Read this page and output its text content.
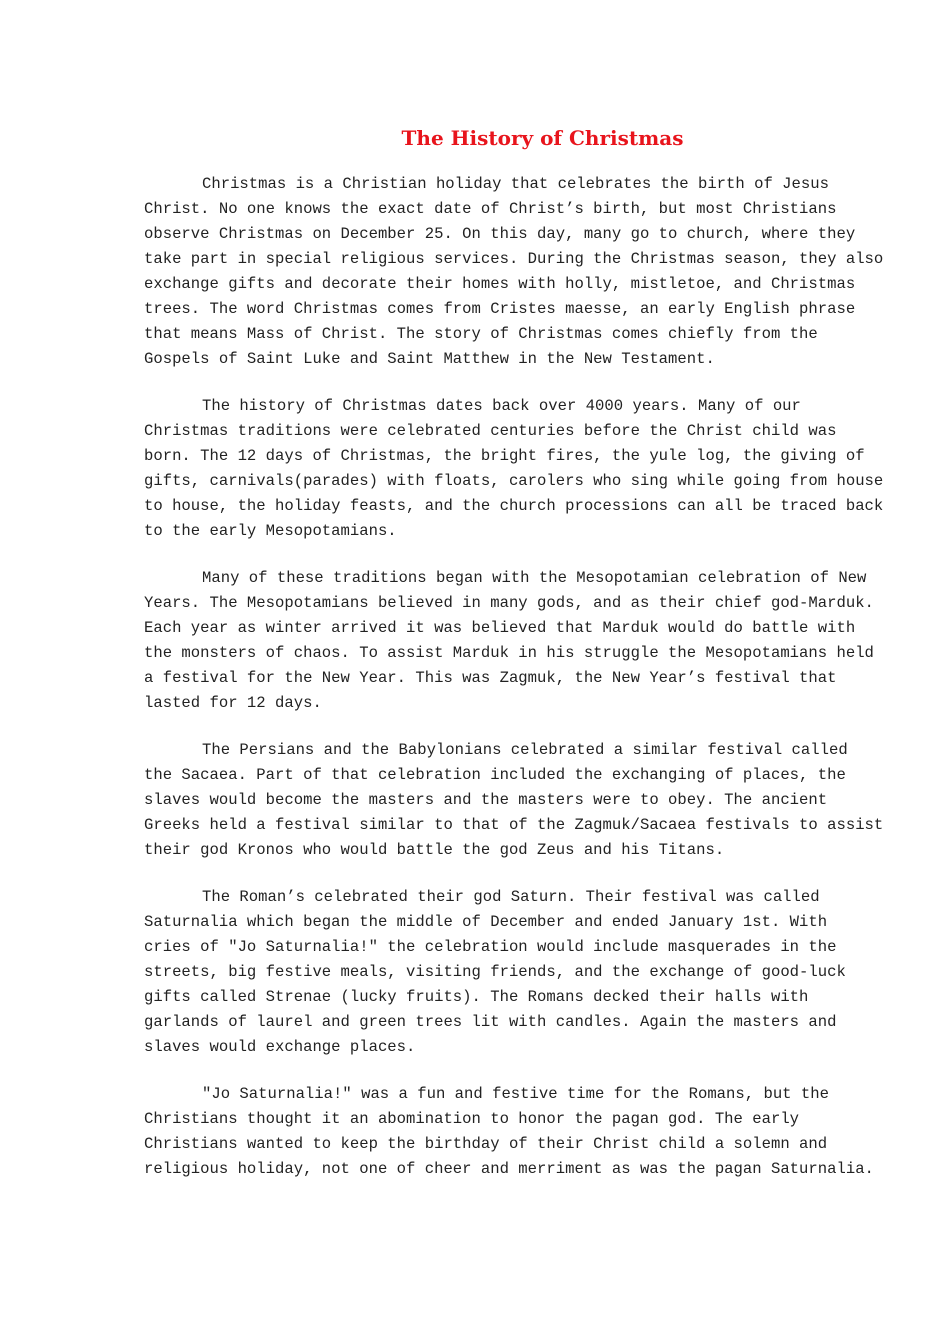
The History of Christmas
Christmas is a Christian holiday that celebrates the birth of Jesus
Christ. No one knows the exact date of Christ’s birth, but most Christians
observe Christmas on December 25. On this day, many go to church, where they
take part in special religious services. During the Christmas season, they also
exchange gifts and decorate their homes with holly, mistletoe, and Christmas
trees. The word Christmas comes from Cristes maesse, an early English phrase
that means Mass of Christ. The story of Christmas comes chiefly from the
Gospels of Saint Luke and Saint Matthew in the New Testament.
The history of Christmas dates back over 4000 years. Many of our
Christmas traditions were celebrated centuries before the Christ child was
born. The 12 days of Christmas, the bright fires, the yule log, the giving of
gifts, carnivals(parades) with floats, carolers who sing while going from house
to house, the holiday feasts, and the church processions can all be traced back
to the early Mesopotamians.
Many of these traditions began with the Mesopotamian celebration of New
Years. The Mesopotamians believed in many gods, and as their chief god-Marduk.
Each year as winter arrived it was believed that Marduk would do battle with
the monsters of chaos. To assist Marduk in his struggle the Mesopotamians held
a festival for the New Year. This was Zagmuk, the New Year’s festival that
lasted for 12 days.
The Persians and the Babylonians celebrated a similar festival called
the Sacaea. Part of that celebration included the exchanging of places, the
slaves would become the masters and the masters were to obey. The ancient
Greeks held a festival similar to that of the Zagmuk/Sacaea festivals to assist
their god Kronos who would battle the god Zeus and his Titans.
The Roman’s celebrated their god Saturn. Their festival was called
Saturnalia which began the middle of December and ended January 1st. With
cries of "Jo Saturnalia!" the celebration would include masquerades in the
streets, big festive meals, visiting friends, and the exchange of good-luck
gifts called Strenae (lucky fruits). The Romans decked their halls with
garlands of laurel and green trees lit with candles. Again the masters and
slaves would exchange places.
"Jo Saturnalia!" was a fun and festive time for the Romans, but the
Christians thought it an abomination to honor the pagan god. The early
Christians wanted to keep the birthday of their Christ child a solemn and
religious holiday, not one of cheer and merriment as was the pagan Saturnalia.
